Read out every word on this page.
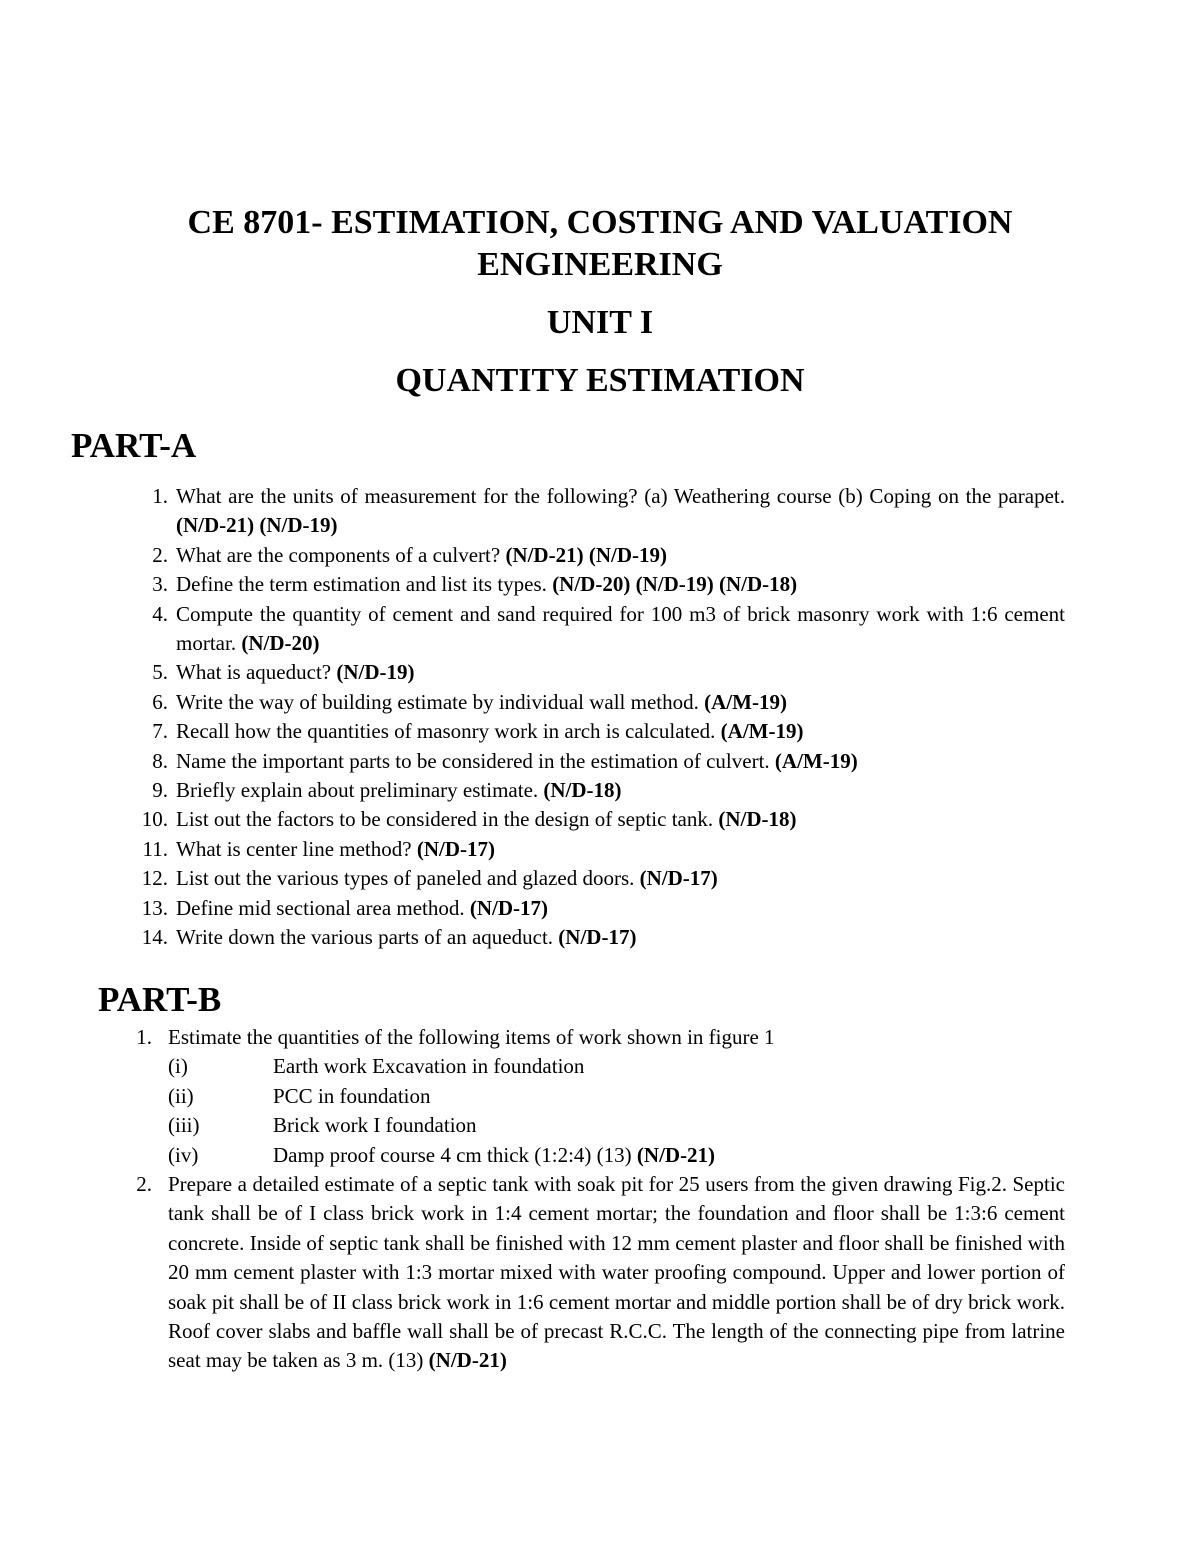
CE 8701- ESTIMATION, COSTING AND VALUATION
ENGINEERING
UNIT I
QUANTITY ESTIMATION
PART-A
1. What are the units of measurement for the following? (a) Weathering course (b) Coping on the parapet. (N/D-21) (N/D-19)
2. What are the components of a culvert? (N/D-21) (N/D-19)
3. Define the term estimation and list its types. (N/D-20) (N/D-19) (N/D-18)
4. Compute the quantity of cement and sand required for 100 m3 of brick masonry work with 1:6 cement mortar. (N/D-20)
5. What is aqueduct? (N/D-19)
6. Write the way of building estimate by individual wall method. (A/M-19)
7. Recall how the quantities of masonry work in arch is calculated. (A/M-19)
8. Name the important parts to be considered in the estimation of culvert. (A/M-19)
9. Briefly explain about preliminary estimate. (N/D-18)
10. List out the factors to be considered in the design of septic tank. (N/D-18)
11. What is center line method? (N/D-17)
12. List out the various types of paneled and glazed doors. (N/D-17)
13. Define mid sectional area method. (N/D-17)
14. Write down the various parts of an aqueduct. (N/D-17)
PART-B
1. Estimate the quantities of the following items of work shown in figure 1
(i)	Earth work Excavation in foundation
(ii)	PCC in foundation
(iii)	Brick work I foundation
(iv)	Damp proof course 4 cm thick (1:2:4) (13) (N/D-21)
2. Prepare a detailed estimate of a septic tank with soak pit for 25 users from the given drawing Fig.2. Septic tank shall be of I class brick work in 1:4 cement mortar; the foundation and floor shall be 1:3:6 cement concrete. Inside of septic tank shall be finished with 12 mm cement plaster and floor shall be finished with 20 mm cement plaster with 1:3 mortar mixed with water proofing compound. Upper and lower portion of soak pit shall be of II class brick work in 1:6 cement mortar and middle portion shall be of dry brick work. Roof cover slabs and baffle wall shall be of precast R.C.C. The length of the connecting pipe from latrine seat may be taken as 3 m. (13) (N/D-21)
